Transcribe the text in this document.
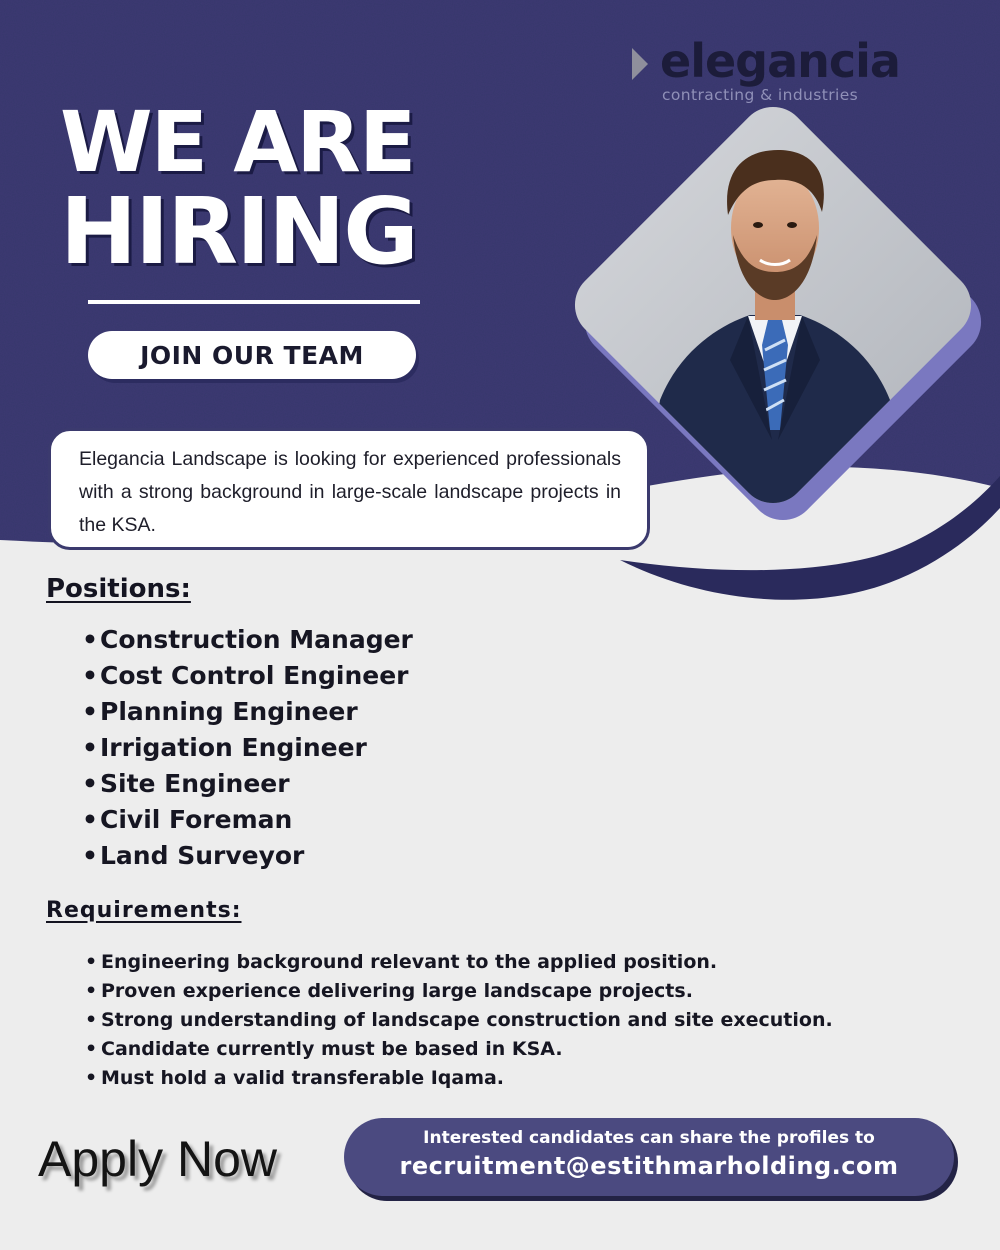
elegancia
contracting & industries
WE ARE
HIRING
JOIN OUR TEAM

Elegancia Landscape is looking for experienced professionals with a strong background in large-scale landscape projects in the KSA.

Positions:
• Construction Manager
• Cost Control Engineer
• Planning Engineer
• Irrigation Engineer
• Site Engineer
• Civil Foreman
• Land Surveyor
Requirements:
• Engineering background relevant to the applied position.
• Proven experience delivering large landscape projects.
• Strong understanding of landscape construction and site execution.
• Candidate currently must be based in KSA.
• Must hold a valid transferable Iqama.
Apply Now	Interested candidates can share the profiles to
recruitment@estithmarholding.com
